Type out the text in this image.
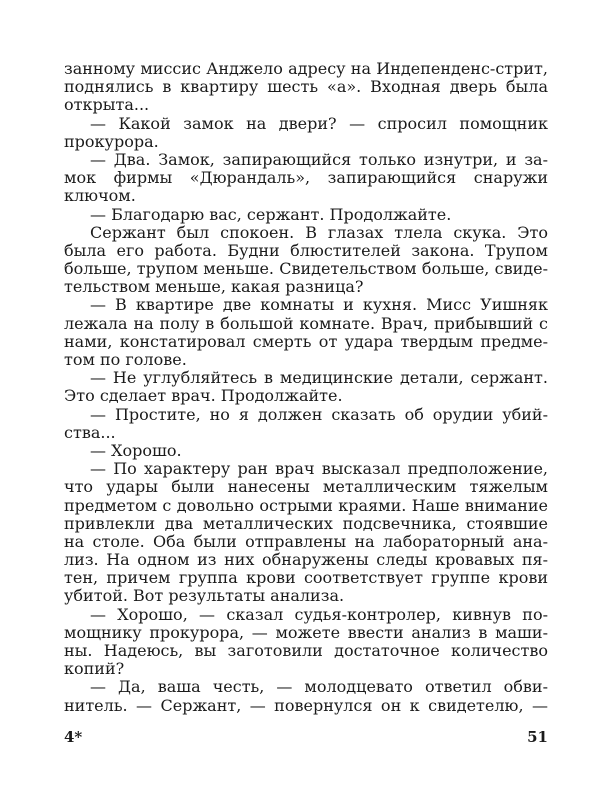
занному миссис Анджело адресу на Индепенденс-стрит,
поднялись в квартиру шесть «а». Входная дверь была
открыта...
— Какой замок на двери? — спросил помощник
прокурора.
— Два. Замок, запирающийся только изнутри, и за-
мок фирмы «Дюрандаль», запирающийся снаружи
ключом.
— Благодарю вас, сержант. Продолжайте.
Сержант был спокоен. В глазах тлела скука. Это
была его работа. Будни блюстителей закона. Трупом
больше, трупом меньше. Свидетельством больше, свиде-
тельством меньше, какая разница?
— В квартире две комнаты и кухня. Мисс Уишняк
лежала на полу в большой комнате. Врач, прибывший с
нами, констатировал смерть от удара твердым предме-
том по голове.
— Не углубляйтесь в медицинские детали, сержант.
Это сделает врач. Продолжайте.
— Простите, но я должен сказать об орудии убий-
ства...
— Хорошо.
— По характеру ран врач высказал предположение,
что удары были нанесены металлическим тяжелым
предметом с довольно острыми краями. Наше внимание
привлекли два металлических подсвечника, стоявшие
на столе. Оба были отправлены на лабораторный ана-
лиз. На одном из них обнаружены следы кровавых пя-
тен, причем группа крови соответствует группе крови
убитой. Вот результаты анализа.
— Хорошо, — сказал судья-контролер, кивнув по-
мощнику прокурора, — можете ввести анализ в маши-
ны. Надеюсь, вы заготовили достаточное количество
копий?
— Да, ваша честь, — молодцевато ответил обви-
нитель. — Сержант, — повернулся он к свидетелю, —
4*	51
